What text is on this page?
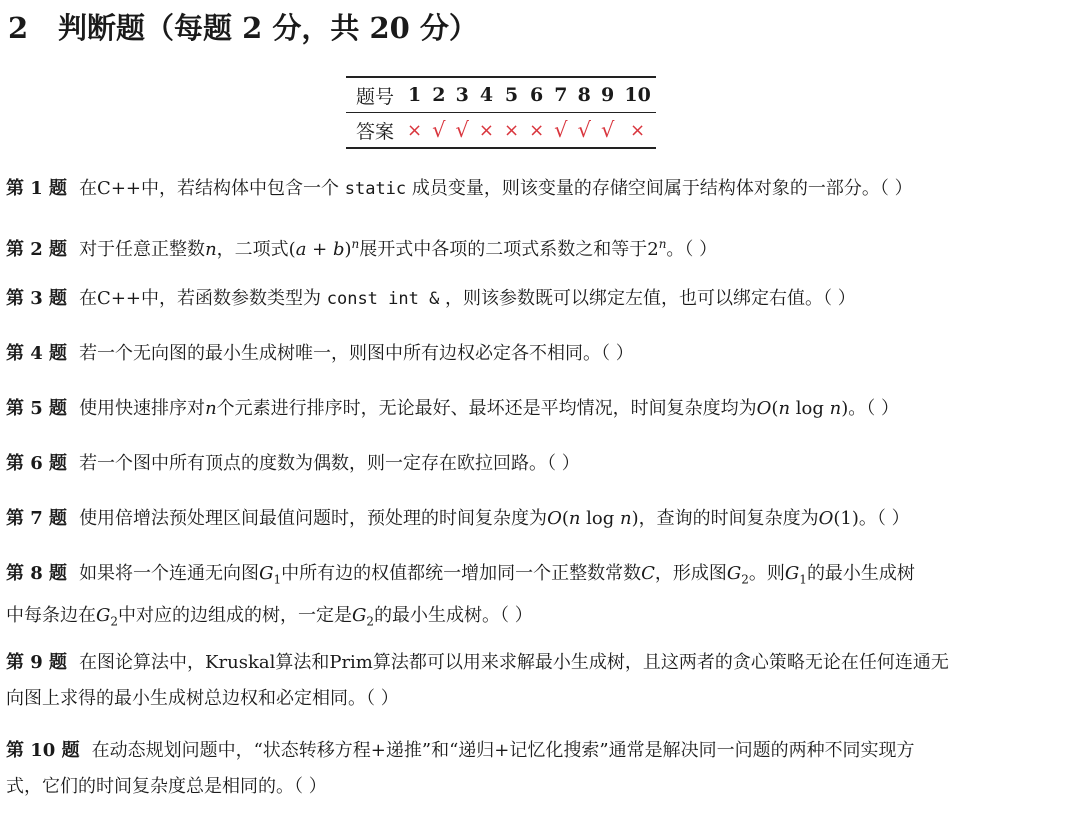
2 判断题（每题 2 分，共 20 分）
题号	1	2	3	4	5	6	7	8	9	10
答案	×	√	√	×	×	×	√	√	√	×
第 1 题 在C++中，若结构体中包含一个 static 成员变量，则该变量的存储空间属于结构体对象的一部分。（ ）
第 2 题 对于任意正整数n，二项式$(a + b)^n$展开式中各项的二项式系数之和等于2$^n$。（ ）
第 3 题 在C++中，若函数参数类型为 const int & ，则该参数既可以绑定左值，也可以绑定右值。（ ）
第 4 题 若一个无向图的最小生成树唯一，则图中所有边权必定各不相同。（ ）
第 5 题 使用快速排序对n个元素进行排序时，无论最好、最坏还是平均情况，时间复杂度均为O(n log n)。（ ）
第 6 题 若一个图中所有顶点的度数为偶数，则一定存在欧拉回路。（ ）
第 7 题 使用倍增法预处理区间最值问题时，预处理的时间复杂度为O(n log n)，查询的时间复杂度为O(1)。（ ）
第 8 题 如果将一个连通无向图$G_1$中所有边的权值都统一增加同一个正整数常数C，形成图$G_2$。则$G_1$的最小生成树
中每条边在$G_2$中对应的边组成的树，一定是$G_2$的最小生成树。（ ）
第 9 题 在图论算法中，Kruskal算法和Prim算法都可以用来求解最小生成树，且这两者的贪心策略无论在任何连通无
向图上求得的最小生成树总边权和必定相同。（ ）
第 10 题 在动态规划问题中，“状态转移方程+递推”和“递归+记忆化搜索”通常是解决同一问题的两种不同实现方
式，它们的时间复杂度总是相同的。（ ）
